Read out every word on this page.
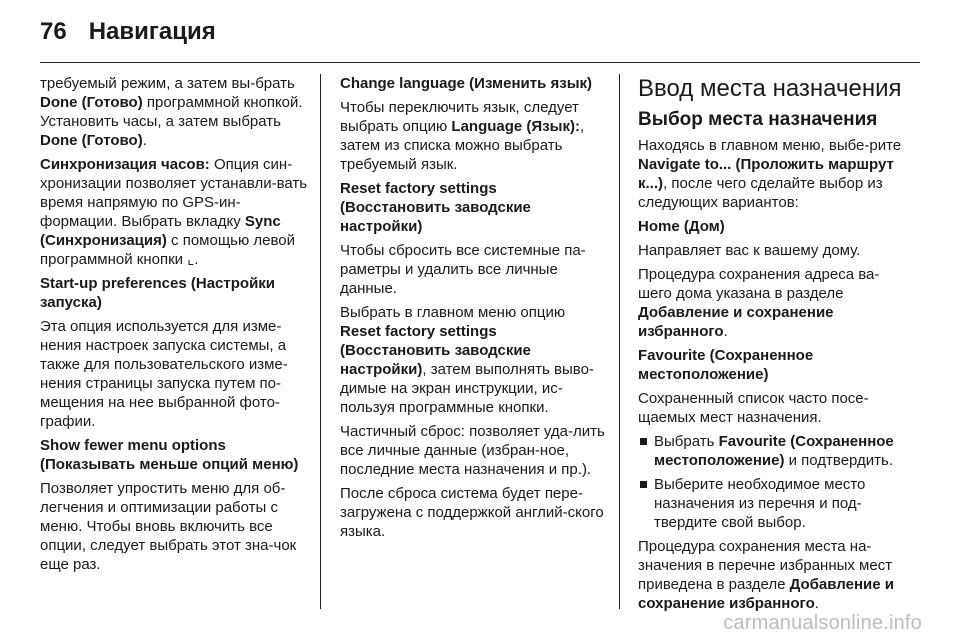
76 Навигация

требуемый режим, а затем вы-брать Done (Готово) программной кнопкой. Установить часы, а затем выбрать Done (Готово).

Синхронизация часов: Опция син-хронизации позволяет устанавли-вать время напрямую по GPS-ин-формации. Выбрать вкладку Sync (Синхронизация) с помощью левой программной кнопки ⌞.

Start-up preferences (Настройки запуска)

Эта опция используется для изме-нения настроек запуска системы, а также для пользовательского изме-нения страницы запуска путем по-мещения на нее выбранной фото-графии.

Show fewer menu options (Показывать меньше опций меню)

Позволяет упростить меню для об-легчения и оптимизации работы с меню. Чтобы вновь включить все опции, следует выбрать этот зна-чок еще раз.

Change language (Изменить язык)

Чтобы переключить язык, следует выбрать опцию Language (Язык):, затем из списка можно выбрать требуемый язык.

Reset factory settings (Восстановить заводские настройки)

Чтобы сбросить все системные па-раметры и удалить все личные данные.

Выбрать в главном меню опцию Reset factory settings (Восстановить заводские настройки), затем выполнять выво-димые на экран инструкции, ис-пользуя программные кнопки.

Частичный сброс: позволяет уда-лить все личные данные (избран-ное, последние места назначения и пр.).

После сброса система будет пере-загружена с поддержкой англий-ского языка.

Ввод места назначения

Выбор места назначения

Находясь в главном меню, выбе-рите Navigate to... (Проложить маршрут к...), после чего сделайте выбор из следующих вариантов:

Home (Дом)

Направляет вас к вашему дому.

Процедура сохранения адреса ва-шего дома указана в разделе Добавление и сохранение избранного.

Favourite (Сохраненное местоположение)

Сохраненный список часто посе-щаемых мест назначения.

Выбрать Favourite (Сохраненное местоположение) и подтвердить.
Выберите необходимое место назначения из перечня и под-твердите свой выбор.

Процедура сохранения места на-значения в перечне избранных мест приведена в разделе Добавление и сохранение избранного.

carmanualsonline.info
